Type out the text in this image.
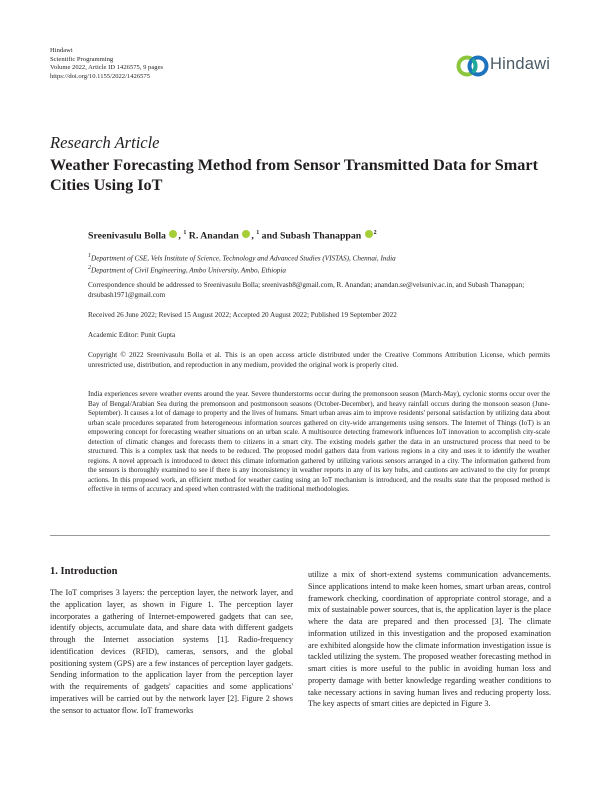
Hindawi
Scientific Programming
Volume 2022, Article ID 1426575, 9 pages
https://doi.org/10.1155/2022/1426575
Hindawi
Research Article
Weather Forecasting Method from Sensor Transmitted Data for Smart Cities Using IoT
Sreenivasulu Bolla , $^1$ R. Anandan , $^1$ and Subash Thanappan $^2$
$^1$Department of CSE, Vels Institute of Science, Technology and Advanced Studies (VISTAS), Chennai, India
$^2$Department of Civil Engineering, Ambo University, Ambo, Ethiopia
Correspondence should be addressed to Sreenivasulu Bolla; sreenivasb8@gmail.com, R. Anandan; anandan.se@velsuniv.ac.in, and Subash Thanappan; drsubash1971@gmail.com
Received 26 June 2022; Revised 15 August 2022; Accepted 20 August 2022; Published 19 September 2022
Academic Editor: Punit Gupta
Copyright © 2022 Sreenivasulu Bolla et al. This is an open access article distributed under the Creative Commons Attribution License, which permits unrestricted use, distribution, and reproduction in any medium, provided the original work is properly cited.
India experiences severe weather events around the year. Severe thunderstorms occur during the premonsoon season (March-May), cyclonic storms occur over the Bay of Bengal/Arabian Sea during the premonsoon and postmonsoon seasons (October-December), and heavy rainfall occurs during the monsoon season (June-September). It causes a lot of damage to property and the lives of humans. Smart urban areas aim to improve residents' personal satisfaction by utilizing data about urban scale procedures separated from heterogeneous information sources gathered on city-wide arrangements using sensors. The Internet of Things (IoT) is an empowering concept for forecasting weather situations on an urban scale. A multisource detecting framework influences IoT innovation to accomplish city-scale detection of climatic changes and forecasts them to citizens in a smart city. The existing models gather the data in an unstructured process that need to be structured. This is a complex task that needs to be reduced. The proposed model gathers data from various regions in a city and uses it to identify the weather regions. A novel approach is introduced to detect this climate information gathered by utilizing various sensors arranged in a city. The information gathered from the sensors is thoroughly examined to see if there is any inconsistency in weather reports in any of its key hubs, and cautions are activated to the city for prompt actions. In this proposed work, an efficient method for weather casting using an IoT mechanism is introduced, and the results state that the proposed method is effective in terms of accuracy and speed when contrasted with the traditional methodologies.
1. Introduction
The IoT comprises 3 layers: the perception layer, the network layer, and the application layer, as shown in Figure 1. The perception layer incorporates a gathering of Internet-empowered gadgets that can see, identify objects, accumulate data, and share data with different gadgets through the Internet association systems [1]. Radio-frequency identification devices (RFID), cameras, sensors, and the global positioning system (GPS) are a few instances of perception layer gadgets. Sending information to the application layer from the perception layer with the requirements of gadgets' capacities and some applications' imperatives will be carried out by the network layer [2]. Figure 2 shows the sensor to actuator flow. IoT frameworks
utilize a mix of short-extend systems communication advancements. Since applications intend to make keen homes, smart urban areas, control framework checking, coordination of appropriate control storage, and a mix of sustainable power sources, that is, the application layer is the place where the data are prepared and then processed [3]. The climate information utilized in this investigation and the proposed examination are exhibited alongside how the climate information investigation issue is tackled utilizing the system. The proposed weather forecasting method in smart cities is more useful to the public in avoiding human loss and property damage with better knowledge regarding weather conditions to take necessary actions in saving human lives and reducing property loss. The key aspects of smart cities are depicted in Figure 3.
